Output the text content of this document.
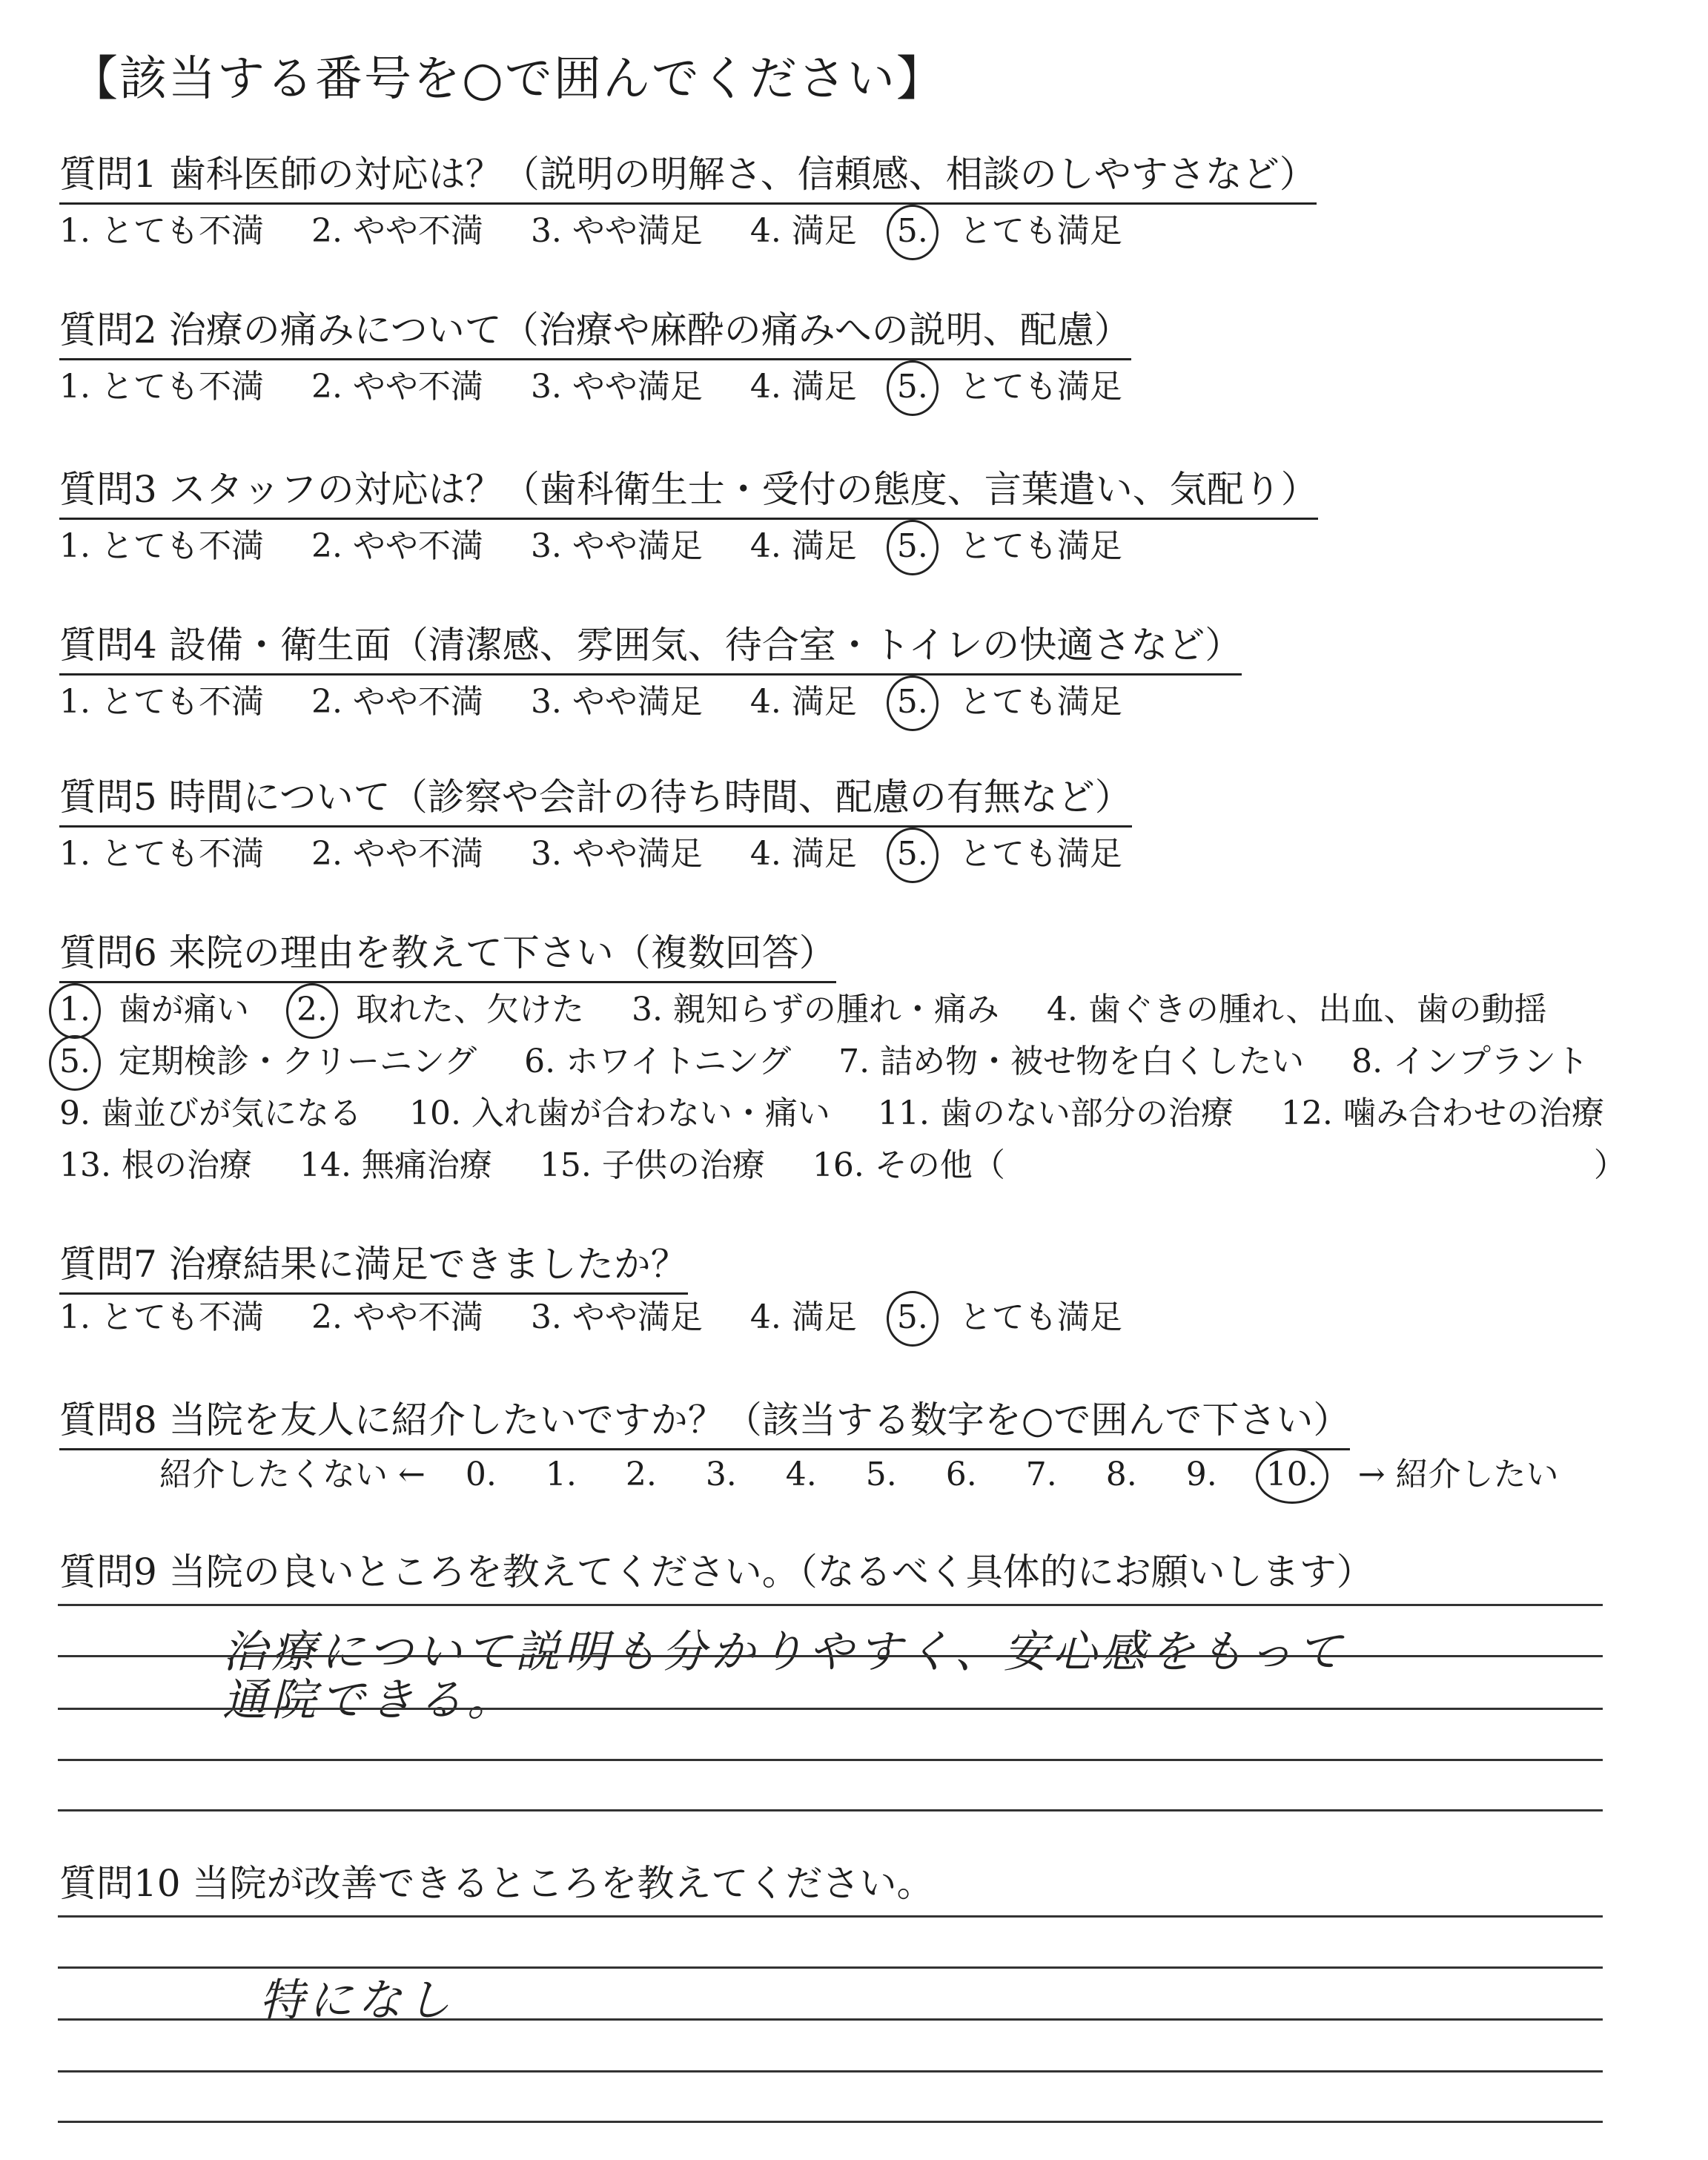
【該当する番号を○で囲んでください】
質問1 歯科医師の対応は？（説明の明解さ、信頼感、相談のしやすさなど）
1. とても不満 2. やや不満 3. やや満足 4. 満足 5. とても満足
質問2 治療の痛みについて（治療や麻酔の痛みへの説明、配慮）
1. とても不満 2. やや不満 3. やや満足 4. 満足 5. とても満足
質問3 スタッフの対応は？（歯科衛生士・受付の態度、言葉遣い、気配り）
1. とても不満 2. やや不満 3. やや満足 4. 満足 5. とても満足
質問4 設備・衛生面（清潔感、雰囲気、待合室・トイレの快適さなど）
1. とても不満 2. やや不満 3. やや満足 4. 満足 5. とても満足
質問5 時間について（診察や会計の待ち時間、配慮の有無など）
1. とても不満 2. やや不満 3. やや満足 4. 満足 5. とても満足
質問6 来院の理由を教えて下さい（複数回答）
1. 歯が痛い 2. 取れた、欠けた 3. 親知らずの腫れ・痛み 4. 歯ぐきの腫れ、出血、歯の動揺
5. 定期検診・クリーニング 6. ホワイトニング 7. 詰め物・被せ物を白くしたい 8. インプラント
9. 歯並びが気になる 10. 入れ歯が合わない・痛い 11. 歯のない部分の治療 12. 噛み合わせの治療
13. 根の治療 14. 無痛治療 15. 子供の治療 16. その他（	）
質問7 治療結果に満足できましたか？
1. とても不満 2. やや不満 3. やや満足 4. 満足 5. とても満足
質問8 当院を友人に紹介したいですか？（該当する数字を○で囲んで下さい）
紹介したくない ← 0. 1. 2. 3. 4. 5. 6. 7. 8. 9. 10. → 紹介したい
質問9 当院の良いところを教えてください。（なるべく具体的にお願いします）
治療について説明も分かりやすく、安心感をもって
通院できる。
質問10 当院が改善できるところを教えてください。
特になし
